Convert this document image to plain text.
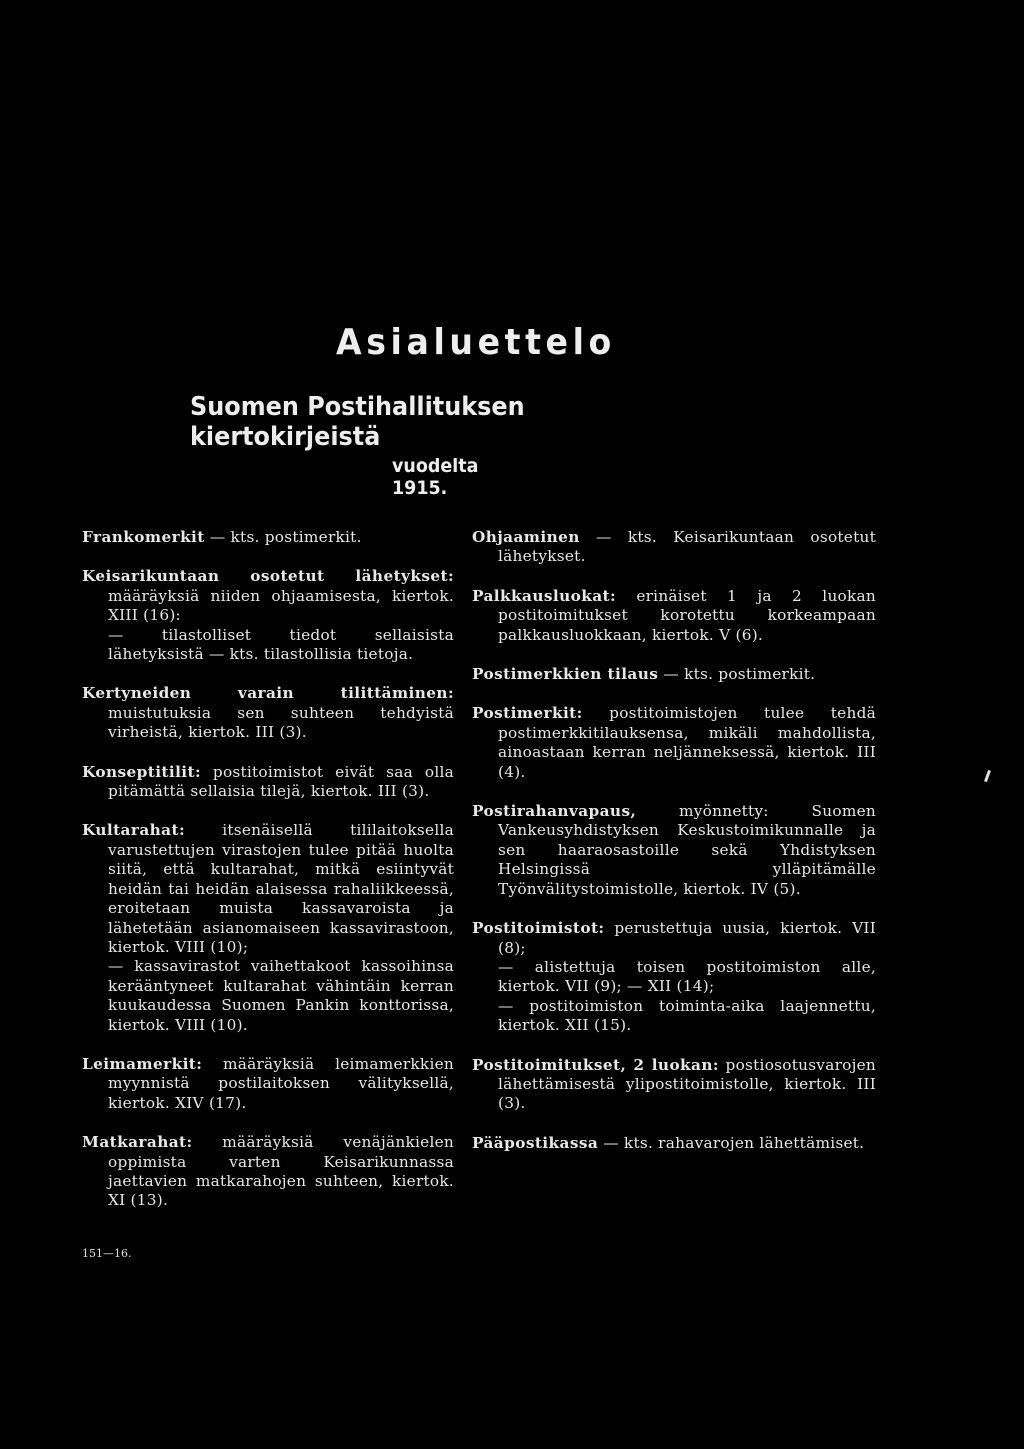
Asialuettelo
Suomen Postihallituksen kiertokirjeistä
vuodelta 1915.
Frankomerkit — kts. postimerkit.
Keisarikuntaan osotetut lähetykset: määräyksiä niiden ohjaamisesta, kiertok. XIII (16):
— tilastolliset tiedot sellaisista lähetyksistä — kts. tilastollisia tietoja.
Kertyneiden varain tilittäminen: muistutuksia sen suhteen tehdyistä virheistä, kiertok. III (3).
Konseptitilit: postitoimistot eivät saa olla pitämättä sellaisia tilejä, kiertok. III (3).
Kultarahat: itsenäisellä tililaitoksella varustettujen virastojen tulee pitää huolta siitä, että kultarahat, mitkä esiintyvät heidän tai heidän alaisessa rahaliikkeessä, eroitetaan muista kassavaroista ja lähetetään asianomaiseen kassavirastoon, kiertok. VIII (10);
— kassavirastot vaihettakoot kassoihinsa kerääntyneet kultarahat vähintäin kerran kuukaudessa Suomen Pankin konttorissa, kiertok. VIII (10).
Leimamerkit: määräyksiä leimamerkkien myynnistä postilaitoksen välityksellä, kiertok. XIV (17).
Matkarahat: määräyksiä venäjänkielen oppimista varten Keisarikunnassa jaettavien matkarahojen suhteen, kiertok. XI (13).
Ohjaaminen — kts. Keisarikuntaan osotetut lähetykset.
Palkkausluokat: erinäiset 1 ja 2 luokan postitoimitukset korotettu korkeampaan palkkausluokkaan, kiertok. V (6).
Postimerkkien tilaus — kts. postimerkit.
Postimerkit: postitoimistojen tulee tehdä postimerkkitilauksensa, mikäli mahdollista, ainoastaan kerran neljänneksessä, kiertok. III (4).
Postirahanvapaus, myönnetty: Suomen Vankeusyhdistyksen Keskustoimikunnalle ja sen haaraosastoille sekä Yhdistyksen Helsingissä ylläpitämälle Työnvälitystoimistolle, kiertok. IV (5).
Postitoimistot: perustettuja uusia, kiertok. VII (8);
— alistettuja toisen postitoimiston alle, kiertok. VII (9); — XII (14);
— postitoimiston toiminta-aika laajennettu, kiertok. XII (15).
Postitoimitukset, 2 luokan: postiosotusvarojen lähettämisestä ylipostitoimistolle, kiertok. III (3).
Pääpostikassa — kts. rahavarojen lähettämiset.
151—16.
